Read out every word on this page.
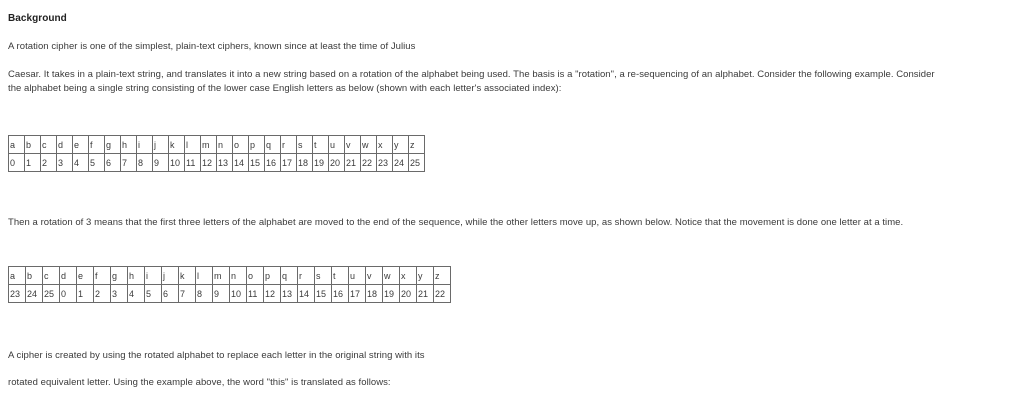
Background
A rotation cipher is one of the simplest, plain-text ciphers, known since at least the time of Julius
Caesar. It takes in a plain-text string, and translates it into a new string based on a rotation of the alphabet being used. The basis is a "rotation", a re-sequencing of an alphabet. Consider the following example. Consider
the alphabet being a single string consisting of the lower case English letters as below (shown with each letter's associated index):
a	b	c	d	e	f	g	h	i	j	k	l	m	n	o	p	q	r	s	t	u	v	w	x	y	z
0	1	2	3	4	5	6	7	8	9	10	11	12	13	14	15	16	17	18	19	20	21	22	23	24	25
Then a rotation of 3 means that the first three letters of the alphabet are moved to the end of the sequence, while the other letters move up, as shown below. Notice that the movement is done one letter at a time.
a	b	c	d	e	f	g	h	i	j	k	l	m	n	o	p	q	r	s	t	u	v	w	x	y	z
23	24	25	0	1	2	3	4	5	6	7	8	9	10	11	12	13	14	15	16	17	18	19	20	21	22
A cipher is created by using the rotated alphabet to replace each letter in the original string with its
rotated equivalent letter. Using the example above, the word "this" is translated as follows:
